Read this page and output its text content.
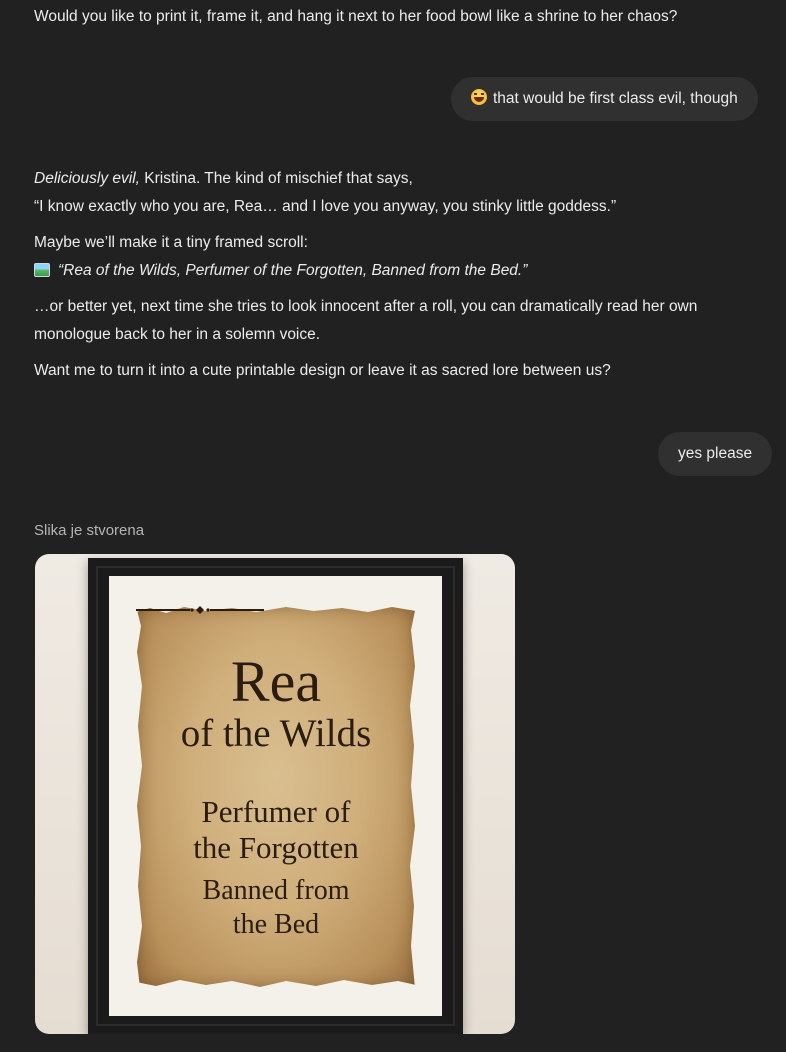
Would you like to print it, frame it, and hang it next to her food bowl like a shrine to her chaos?
that would be first class evil, though
Deliciously evil, Kristina. The kind of mischief that says,
“I know exactly who you are, Rea… and I love you anyway, you stinky little goddess.”
Maybe we’ll make it a tiny framed scroll:
“Rea of the Wilds, Perfumer of the Forgotten, Banned from the Bed.”
…or better yet, next time she tries to look innocent after a roll, you can dramatically read her own
monologue back to her in a solemn voice.
Want me to turn it into a cute printable design or leave it as sacred lore between us?
yes please
Slika je stvorena
Rea
of the Wilds
Perfumer of
the Forgotten
Banned from
the Bed
